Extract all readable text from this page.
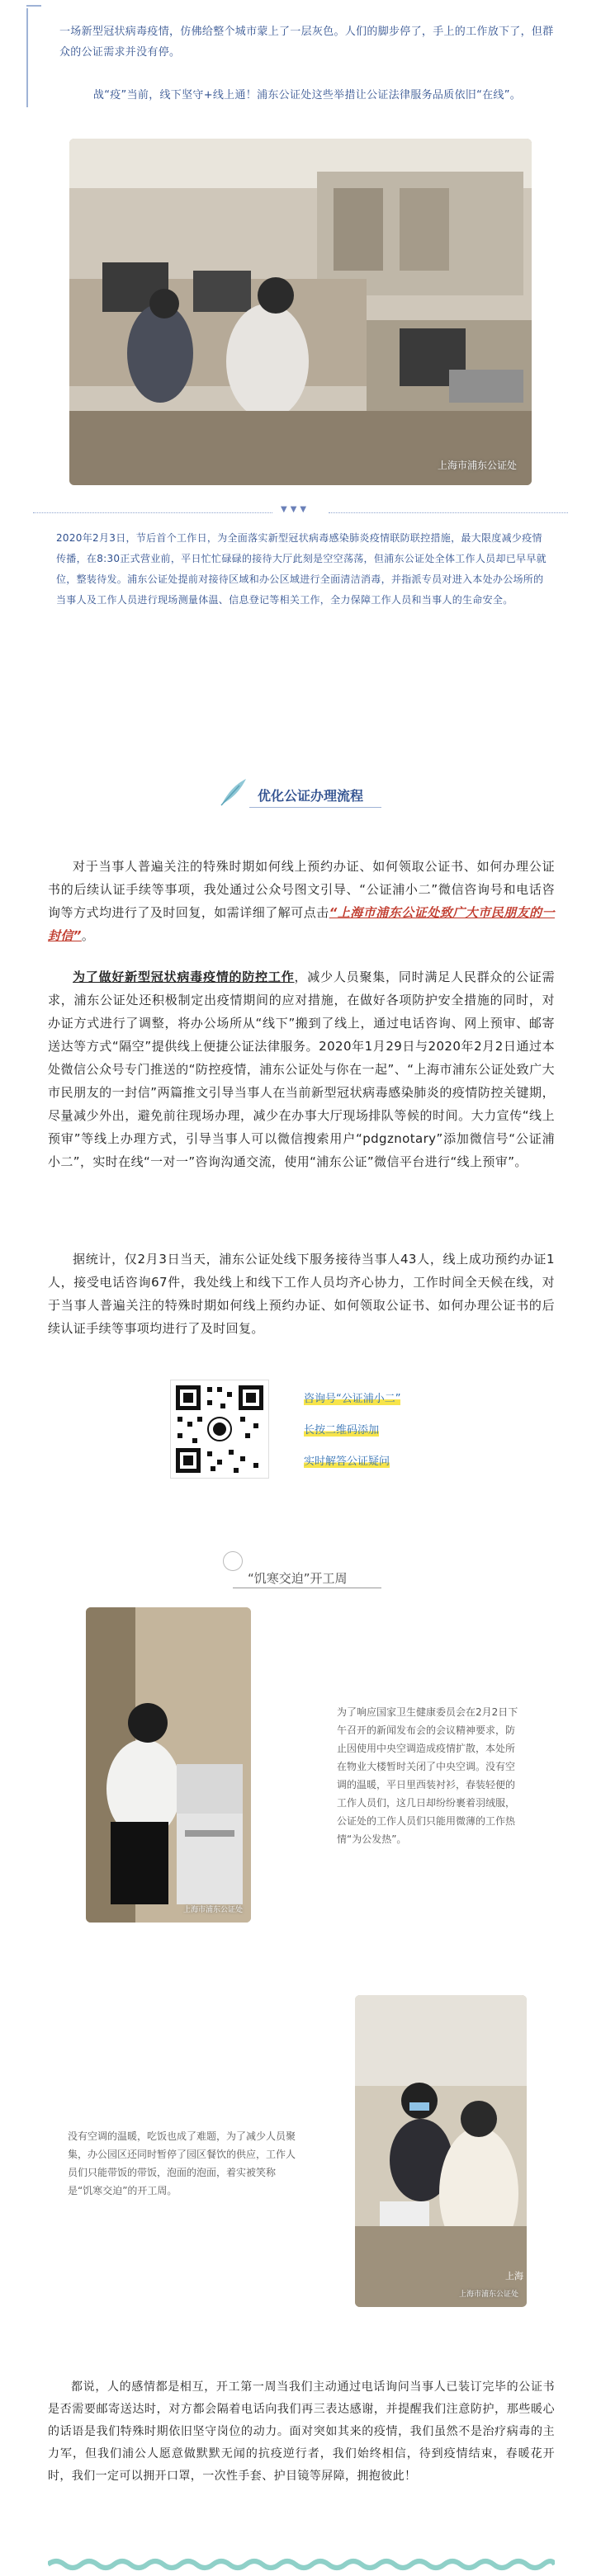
一场新型冠状病毒疫情，仿佛给整个城市蒙上了一层灰色。人们的脚步停了，手上的工作放下了，但群众的公证需求并没有停。

战“疫”当前，线下坚守+线上通！浦东公证处这些举措让公证法律服务品质依旧“在线”。

上海市浦东公证处
▼▼▼

2020年2月3日，节后首个工作日，为全面落实新型冠状病毒感染肺炎疫情联防联控措施，最大限度减少疫情传播，在8:30正式营业前，平日忙忙碌碌的接待大厅此刻是空空荡荡，但浦东公证处全体工作人员却已早早就位，整装待发。浦东公证处提前对接待区域和办公区域进行全面清洁消毒，并指派专员对进入本处办公场所的当事人及工作人员进行现场测量体温、信息登记等相关工作，全力保障工作人员和当事人的生命安全。

优化公证办理流程

对于当事人普遍关注的特殊时期如何线上预约办证、如何领取公证书、如何办理公证书的后续认证手续等事项，我处通过公众号图文引导、“公证浦小二”微信咨询号和电话咨询等方式均进行了及时回复，如需详细了解可点击“上海市浦东公证处致广大市民朋友的一封信”。

为了做好新型冠状病毒疫情的防控工作，减少人员聚集，同时满足人民群众的公证需求，浦东公证处还积极制定出疫情期间的应对措施，在做好各项防护安全措施的同时，对办证方式进行了调整，将办公场所从“线下”搬到了线上，通过电话咨询、网上预审、邮寄送达等方式“隔空”提供线上便捷公证法律服务。2020年1月29日与2020年2月2日通过本处微信公众号专门推送的“防控疫情，浦东公证处与你在一起”、“上海市浦东公证处致广大市民朋友的一封信”两篇推文引导当事人在当前新型冠状病毒感染肺炎的疫情防控关键期，尽量减少外出，避免前往现场办理，减少在办事大厅现场排队等候的时间。大力宣传“线上预审”等线上办理方式，引导当事人可以微信搜索用户“pdgznotary”添加微信号“公证浦小二”，实时在线“一对一”咨询沟通交流，使用“浦东公证”微信平台进行“线上预审”。

据统计，仅2月3日当天，浦东公证处线下服务接待当事人43人，线上成功预约办证1人，接受电话咨询67件，我处线上和线下工作人员均齐心协力，工作时间全天候在线，对于当事人普遍关注的特殊时期如何线上预约办证、如何领取公证书、如何办理公证书的后续认证手续等事项均进行了及时回复。

咨询号“公证浦小二”
长按二维码添加
实时解答公证疑问
“饥寒交迫”开工周
上海市浦东公证处

为了响应国家卫生健康委员会在2月2日下午召开的新闻发布会的会议精神要求，防止因使用中央空调造成疫情扩散，本处所在物业大楼暂时关闭了中央空调。没有空调的温暖，平日里西装衬衫，春装轻便的工作人员们，这几日却纷纷裹着羽绒服，公证处的工作人员们只能用微薄的工作热情“为公发热”。

上海市浦东公证处
上海

没有空调的温暖，吃饭也成了难题，为了减少人员聚集，办公园区还同时暂停了园区餐饮的供应，工作人员们只能带饭的带饭，泡面的泡面，着实被笑称是“饥寒交迫”的开工周。

都说，人的感情都是相互，开工第一周当我们主动通过电话询问当事人已装订完毕的公证书是否需要邮寄送达时，对方都会隔着电话向我们再三表达感谢，并提醒我们注意防护，那些暖心的话语是我们特殊时期依旧坚守岗位的动力。面对突如其来的疫情，我们虽然不是治疗病毒的主力军，但我们浦公人愿意做默默无闻的抗疫逆行者，我们始终相信，待到疫情结束，春暖花开时，我们一定可以拥开口罩，一次性手套、护目镜等屏障，拥抱彼此！
